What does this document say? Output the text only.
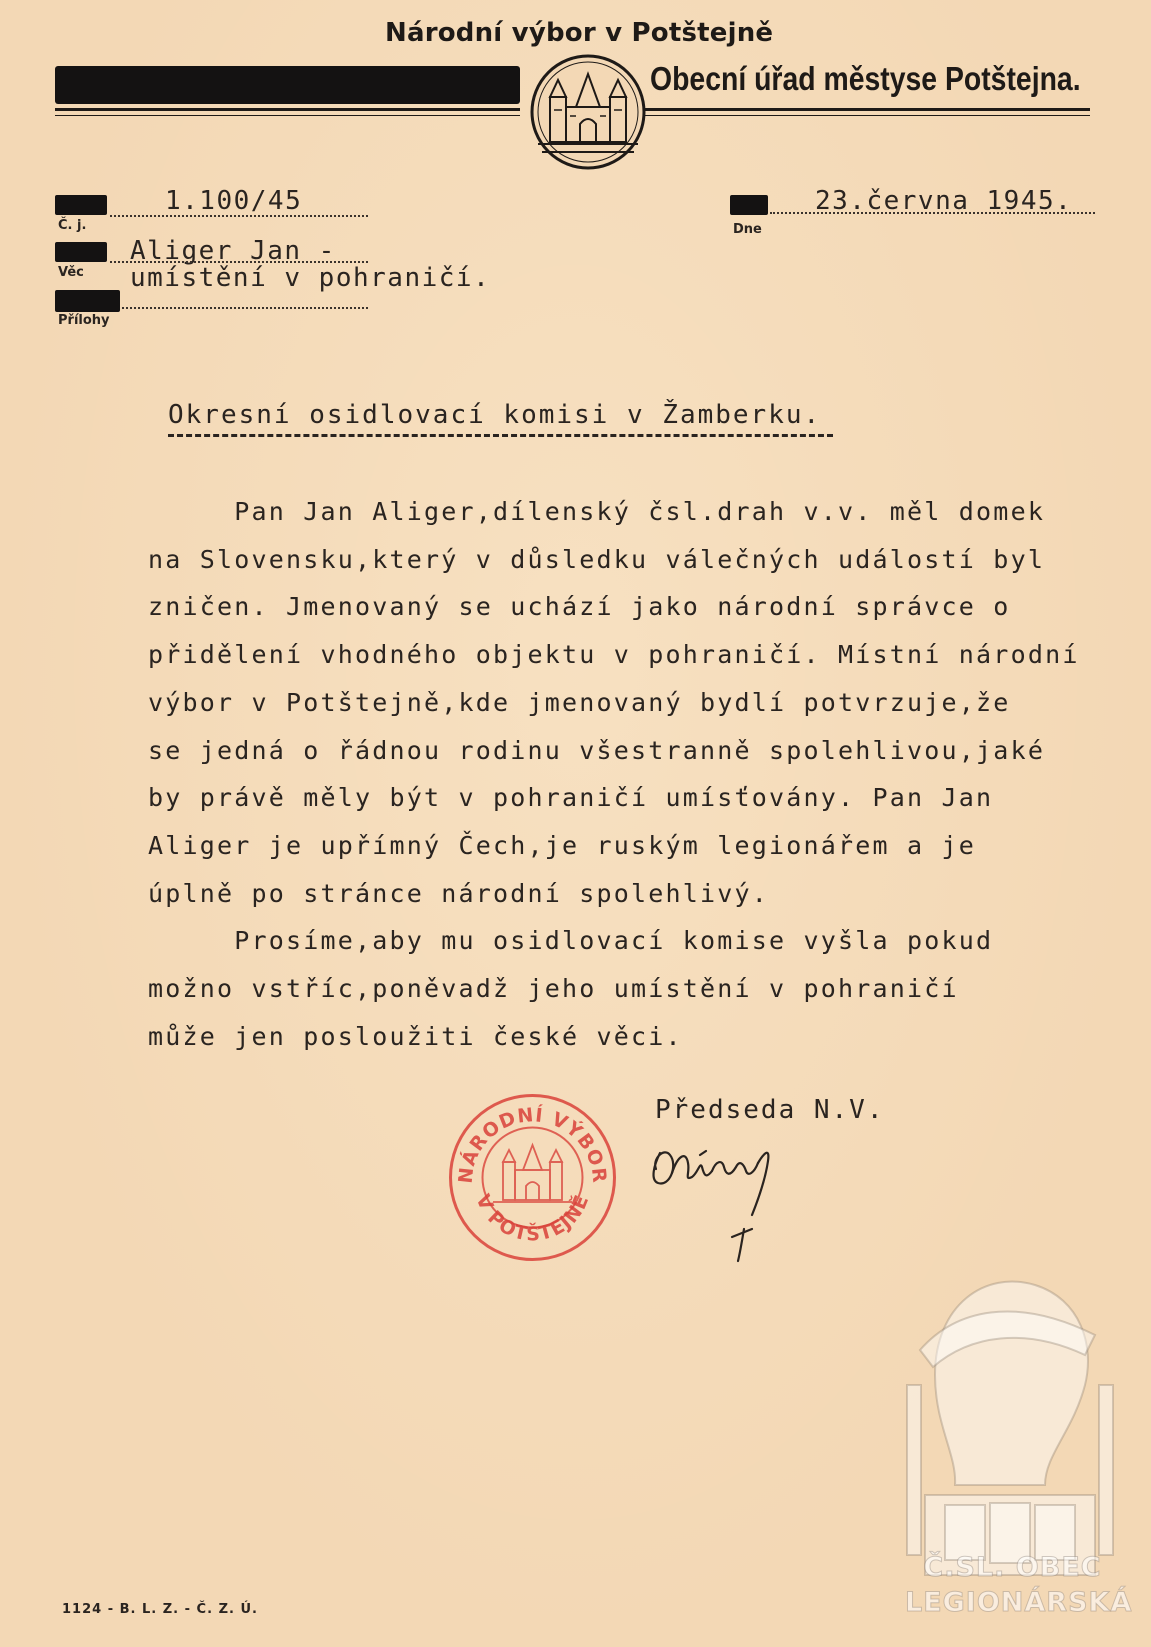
Národní výbor v Potštejně
Obecní úřad městyse Potštejna.
Č. j.
1.100/45
Věc
Aliger Jan -
umístění v pohraničí.
Přílohy
Dne
23.června 1945.
Okresní osidlovací komisi v Žamberku.
Pan Jan Aliger,dílenský čsl.drah v.v. měl domek
na Slovensku,který v důsledku válečných událostí byl
zničen. Jmenovaný se uchází jako národní správce o
přidělení vhodného objektu v pohraničí. Místní národní
výbor v Potštejně,kde jmenovaný bydlí potvrzuje,že
se jedná o řádnou rodinu všestranně spolehlivou,jaké
by právě měly být v pohraničí umísťovány. Pan Jan
Aliger je upřímný Čech,je ruským legionářem a je
úplně po stránce národní spolehlivý.
Prosíme,aby mu osidlovací komise vyšla pokud
možno vstříc,poněvadž jeho umístění v pohraničí
může jen posloužiti české věci.
NÁRODNÍ VÝBOR
V POTŠTEJNĚ
Předseda N.V.
1124 - B. L. Z. - Č. Z. Ú.
Č.SL. OBEC
LEGIONÁRSKÁ
